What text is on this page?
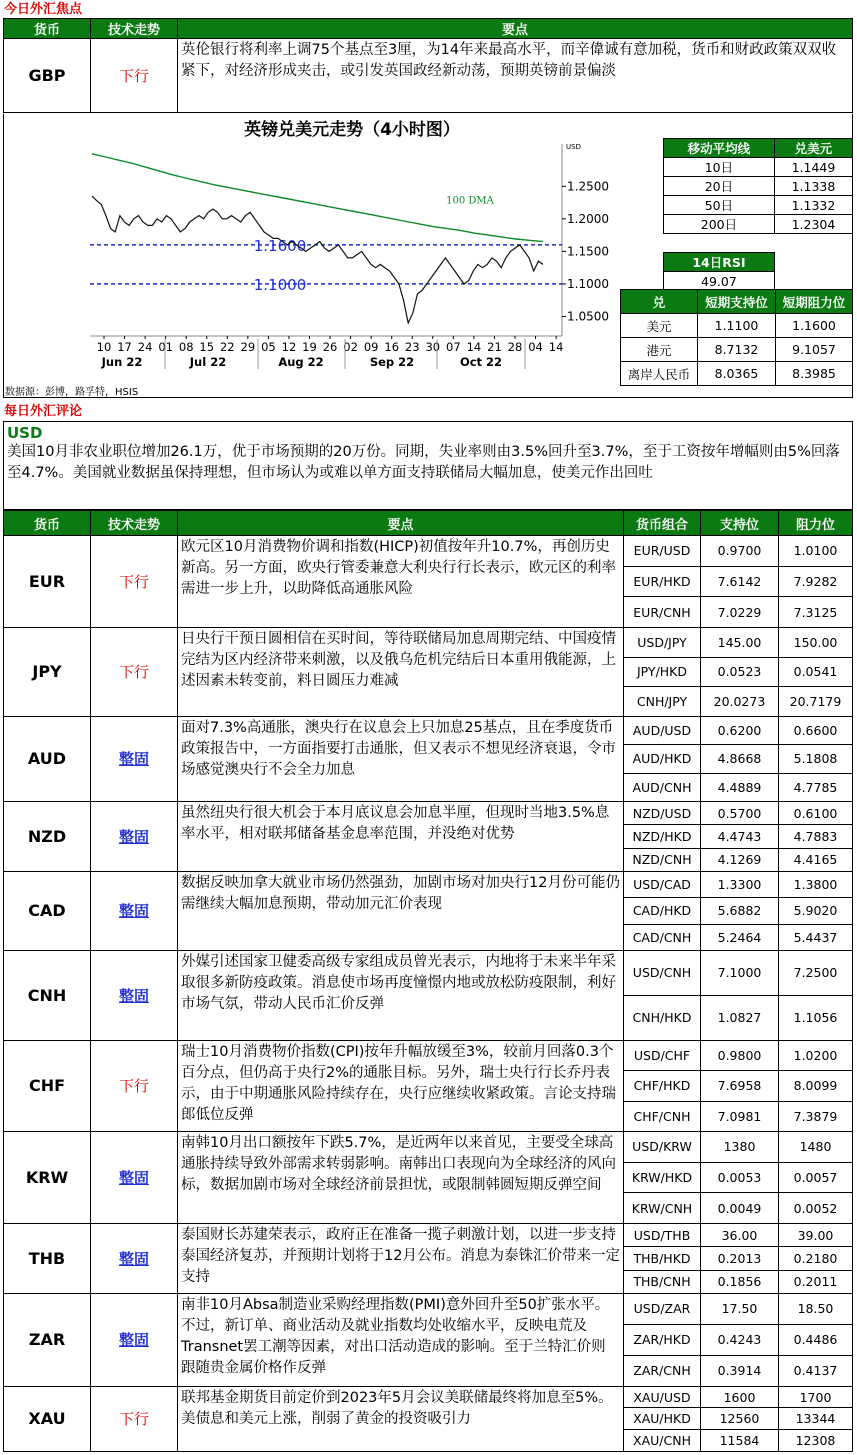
今日外汇焦点
货币	技术走势	要点
GBP	下行	英伦银行将利率上调75个基点至3厘，为14年来最高水平，而辛偉诚有意加税，货币和财政政策双双收紧下，对经济形成夹击，或引发英国政经新动荡，预期英镑前景偏淡
英镑兑美元走势（4小时图）
USD
1.2500
1.2000
1.1500
1.1000
1.0500
10 17 24 01 08 15 22 29 05 12 19 26 02 09 16 23 30 07 14 21 28 04 14
Jun 22	Jul 22	Aug 22	Sep 22	Oct 22
1.1600
1.1000
100 DMA
数据源：彭博，路孚特，HSIS
移动平均线	兑美元
10日	1.1449
20日	1.1338
50日	1.1332
200日	1.2304

14日RSI	
49.07	
兑	短期支持位	短期阻力位
美元	1.1100	1.1600
港元	8.7132	9.1057
离岸人民币	8.0365	8.3985
每日外汇评论
USD
美国10月非农业职位增加26.1万，优于市场预期的20万份。同期，失业率则由3.5%回升至3.7%，至于工资按年增幅则由5%回落至4.7%。美国就业数据虽保持理想，但市场认为或难以单方面支持联储局大幅加息，使美元作出回吐
货币	技术走势	要点	货币组合	支持位	阻力位
EUR	下行	欧元区10月消费物价调和指数(HICP)初值按年升10.7%，再创历史新高。另一方面，欧央行管委兼意大利央行行长表示，欧元区的利率需进一步上升，以助降低高通胀风险	EUR/USD	0.9700	1.0100
			EUR/HKD	7.6142	7.9282
			EUR/CNH	7.0229	7.3125
JPY	下行	日央行干预日圆相信在买时间，等待联储局加息周期完结、中国疫情完结为区内经济带来刺激，以及俄乌危机完结后日本重用俄能源，上述因素未转变前，料日圆压力难减	USD/JPY	145.00	150.00
			JPY/HKD	0.0523	0.0541
			CNH/JPY	20.0273	20.7179
AUD	整固	面对7.3%高通胀，澳央行在议息会上只加息25基点，且在季度货币政策报告中，一方面指要打击通胀，但又表示不想见经济衰退，令市场感觉澳央行不会全力加息	AUD/USD	0.6200	0.6600
			AUD/HKD	4.8668	5.1808
			AUD/CNH	4.4889	4.7785
NZD	整固	虽然纽央行很大机会于本月底议息会加息半厘，但现时当地3.5%息率水平，相对联邦储备基金息率范围，并没绝对优势	NZD/USD	0.5700	0.6100
			NZD/HKD	4.4743	4.7883
			NZD/CNH	4.1269	4.4165
CAD	整固	数据反映加拿大就业市场仍然强劲，加剧市场对加央行12月份可能仍需继续大幅加息预期，带动加元汇价表现	USD/CAD	1.3300	1.3800
			CAD/HKD	5.6882	5.9020
			CAD/CNH	5.2464	5.4437
CNH	整固	外媒引述国家卫健委高级专家组成员曾光表示，内地将于未来半年采取很多新防疫政策。消息使市场再度憧憬内地或放松防疫限制，利好市场气氛，带动人民币汇价反弹	USD/CNH	7.1000	7.2500
			CNH/HKD	1.0827	1.1056
CHF	下行	瑞士10月消费物价指数(CPI)按年升幅放缓至3%，较前月回落0.3个百分点，但仍高于央行2%的通胀目标。另外，瑞士央行行长乔丹表示，由于中期通胀风险持续存在，央行应继续收紧政策。言论支持瑞郎低位反弹	USD/CHF	0.9800	1.0200
			CHF/HKD	7.6958	8.0099
			CHF/CNH	7.0981	7.3879
KRW	整固	南韩10月出口额按年下跌5.7%，是近两年以来首见，主要受全球高通胀持续导致外部需求转弱影响。南韩出口表现向为全球经济的风向标，数据加剧市场对全球经济前景担忧，或限制韩圆短期反弹空间	USD/KRW	1380	1480
			KRW/HKD	0.0053	0.0057
			KRW/CNH	0.0049	0.0052
THB	整固	泰国财长苏建荣表示，政府正在准备一揽子刺激计划，以进一步支持泰国经济复苏，并预期计划将于12月公布。消息为泰铢汇价带来一定支持	USD/THB	36.00	39.00
			THB/HKD	0.2013	0.2180
			THB/CNH	0.1856	0.2011
ZAR	整固	南非10月Absa制造业采购经理指数(PMI)意外回升至50扩张水平。不过，新订单、商业活动及就业指数均处收缩水平，反映电荒及Transnet罢工潮等因素，对出口活动造成的影响。至于兰特汇价则跟随贵金属价格作反弹	USD/ZAR	17.50	18.50
			ZAR/HKD	0.4243	0.4486
			ZAR/CNH	0.3914	0.4137
XAU	下行	联邦基金期货目前定价到2023年5月会议美联储最终将加息至5%。美债息和美元上涨，削弱了黄金的投资吸引力	XAU/USD	1600	1700
			XAU/HKD	12560	13344
			XAU/CNH	11584	12308
